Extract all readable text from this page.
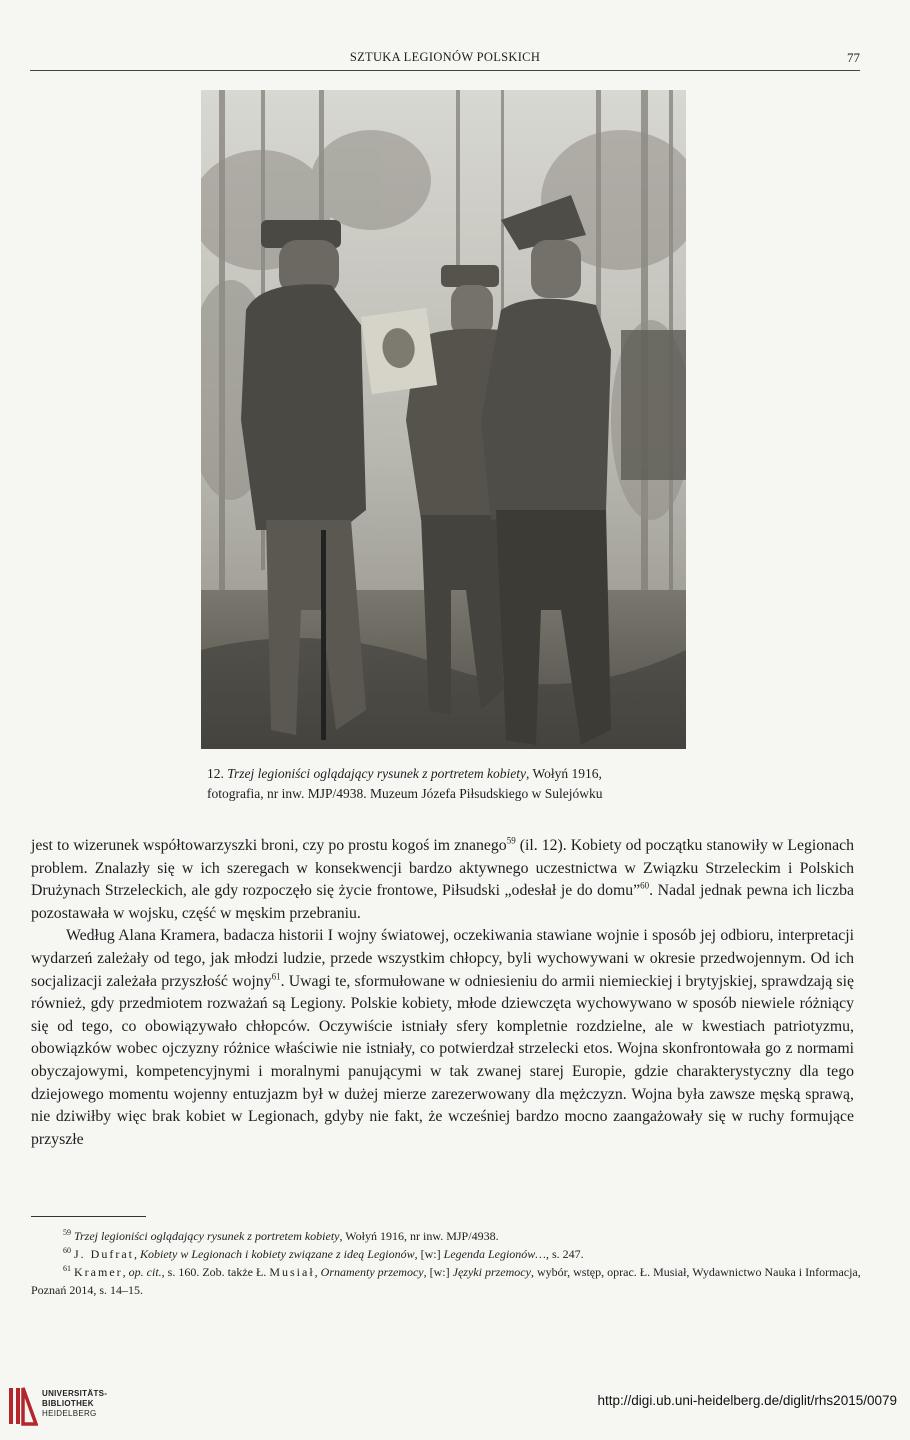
SZTUKA LEGIONÓW POLSKICH	77
12. Trzej legioniści oglądający rysunek z portretem kobiety, Wołyń 1916,
fotografia, nr inw. MJP/4938. Muzeum Józefa Piłsudskiego w Sulejówku

jest to wizerunek współtowarzyszki broni, czy po prostu kogoś im znanego$^{59}$ (il. 12). Kobiety od początku stanowiły w Legionach problem. Znalazły się w ich szeregach w konsekwencji bardzo aktywnego uczestnictwa w Związku Strzeleckim i Polskich Drużynach Strzeleckich, ale gdy rozpoczęło się życie frontowe, Piłsudski „odesłał je do domu”$^{60}$. Nadal jednak pewna ich liczba pozostawała w wojsku, część w męskim przebraniu.

Według Alana Kramera, badacza historii I wojny światowej, oczekiwania stawiane wojnie i sposób jej odbioru, interpretacji wydarzeń zależały od tego, jak młodzi ludzie, przede wszystkim chłopcy, byli wychowywani w okresie przedwojennym. Od ich socjalizacji zależała przyszłość wojny$^{61}$. Uwagi te, sformułowane w odniesieniu do armii niemieckiej i brytyjskiej, sprawdzają się również, gdy przedmiotem rozważań są Legiony. Polskie kobiety, młode dziewczęta wychowywano w sposób niewiele różniący się od tego, co obowiązywało chłopców. Oczywiście istniały sfery kompletnie rozdzielne, ale w kwestiach patriotyzmu, obowiązków wobec ojczyzny różnice właściwie nie istniały, co potwierdzał strzelecki etos. Wojna skonfrontowała go z normami obyczajowymi, kompetencyjnymi i moralnymi panującymi w tak zwanej starej Europie, gdzie charakterystyczny dla tego dziejowego momentu wojenny entuzjazm był w dużej mierze zarezerwowany dla mężczyzn. Wojna była zawsze męską sprawą, nie dziwiłby więc brak kobiet w Legionach, gdyby nie fakt, że wcześniej bardzo mocno zaangażowały się w ruchy formujące przyszłe

$^{59}$ Trzej legioniści oglądający rysunek z portretem kobiety, Wołyń 1916, nr inw. MJP/4938.

$^{60}$ J. Dufrat, Kobiety w Legionach i kobiety związane z ideą Legionów, [w:] Legenda Legionów…, s. 247.

$^{61}$ Kramer, op. cit., s. 160. Zob. także Ł. Musiał, Ornamenty przemocy, [w:] Języki przemocy, wybór, wstęp, oprac. Ł. Musiał, Wydawnictwo Nauka i Informacja, Poznań 2014, s. 14–15.

UNIVERSITÄTS-
BIBLIOTHEK
HEIDELBERG
http://digi.ub.uni-heidelberg.de/diglit/rhs2015/0079
